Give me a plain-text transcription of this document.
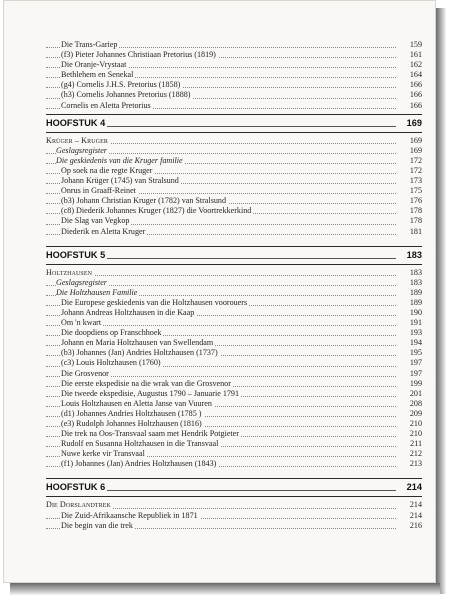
Die Trans-Gariep	159
(f3) Pieter Johannes Christiaan Pretorius (1819)	161
Die Oranje-Vrystaat	162
Bethlehem en Senekal	164
(g4) Cornelis J.H.S. Pretorius (1858)	166
(h3) Cornelis Johannes Pretorius (1888)	166
Cornelis en Aletta Pretorius	166
HOOFSTUK 4	169
Krüger – Kruger	169
Geslagsregister	169
Die geskiedenis van die Kruger familie	172
Op soek na die regte Kruger	172
Johann Krüger (1745) van Stralsund	173
Onrus in Graaff-Reinet	175
(b3) Johann Christian Kruger (1782) van Stralsund	176
(c8) Diederik Johannes Kruger (1827) die Voortrekkerkind	178
Die Slag van Vegkop	178
Diederik en Aletta Kruger	181
HOOFSTUK 5	183
Holtzhausen	183
Geslagsregister	183
Die Holtzhausen Familie	189
Die Europese geskiedenis van die Holtzhausen voorouers	189
Johann Andreas Holtzhausen in die Kaap	190
Om 'n kwart	191
Die doopdiens op Franschhoek	193
Johann en Maria Holtzhausen van Swellendam	194
(b3) Johannes (Jan) Andries Holtzhausen (1737)	195
(c3) Louis Holtzhausen (1760)	197
Die Grosvenor	197
Die eerste ekspedisie na die wrak van die Grosvenor	199
Die tweede ekspedisie, Augustus 1790 – Januarie 1791	201
Louis Holtzhausen en Aletta Janse van Vuuren	208
(d1) Johannes Andries Holtzhausen (1785 )	209
(e3) Rudolph Johannes Holtzhausen (1816)	210
Die trek na Oos-Transvaal saam met Hendrik Potgieter	210
Rudolf en Susanna Holtzhausen in die Transvaal	211
Nuwe kerke vir Transvaal	212
(f1) Johannes (Jan) Andries Holtzhausen (1843)	213
HOOFSTUK 6	214
Die Dorslandtrek	214
Die Zuid-Afrikaansche Republiek in 1871	214
Die begin van die trek	216
